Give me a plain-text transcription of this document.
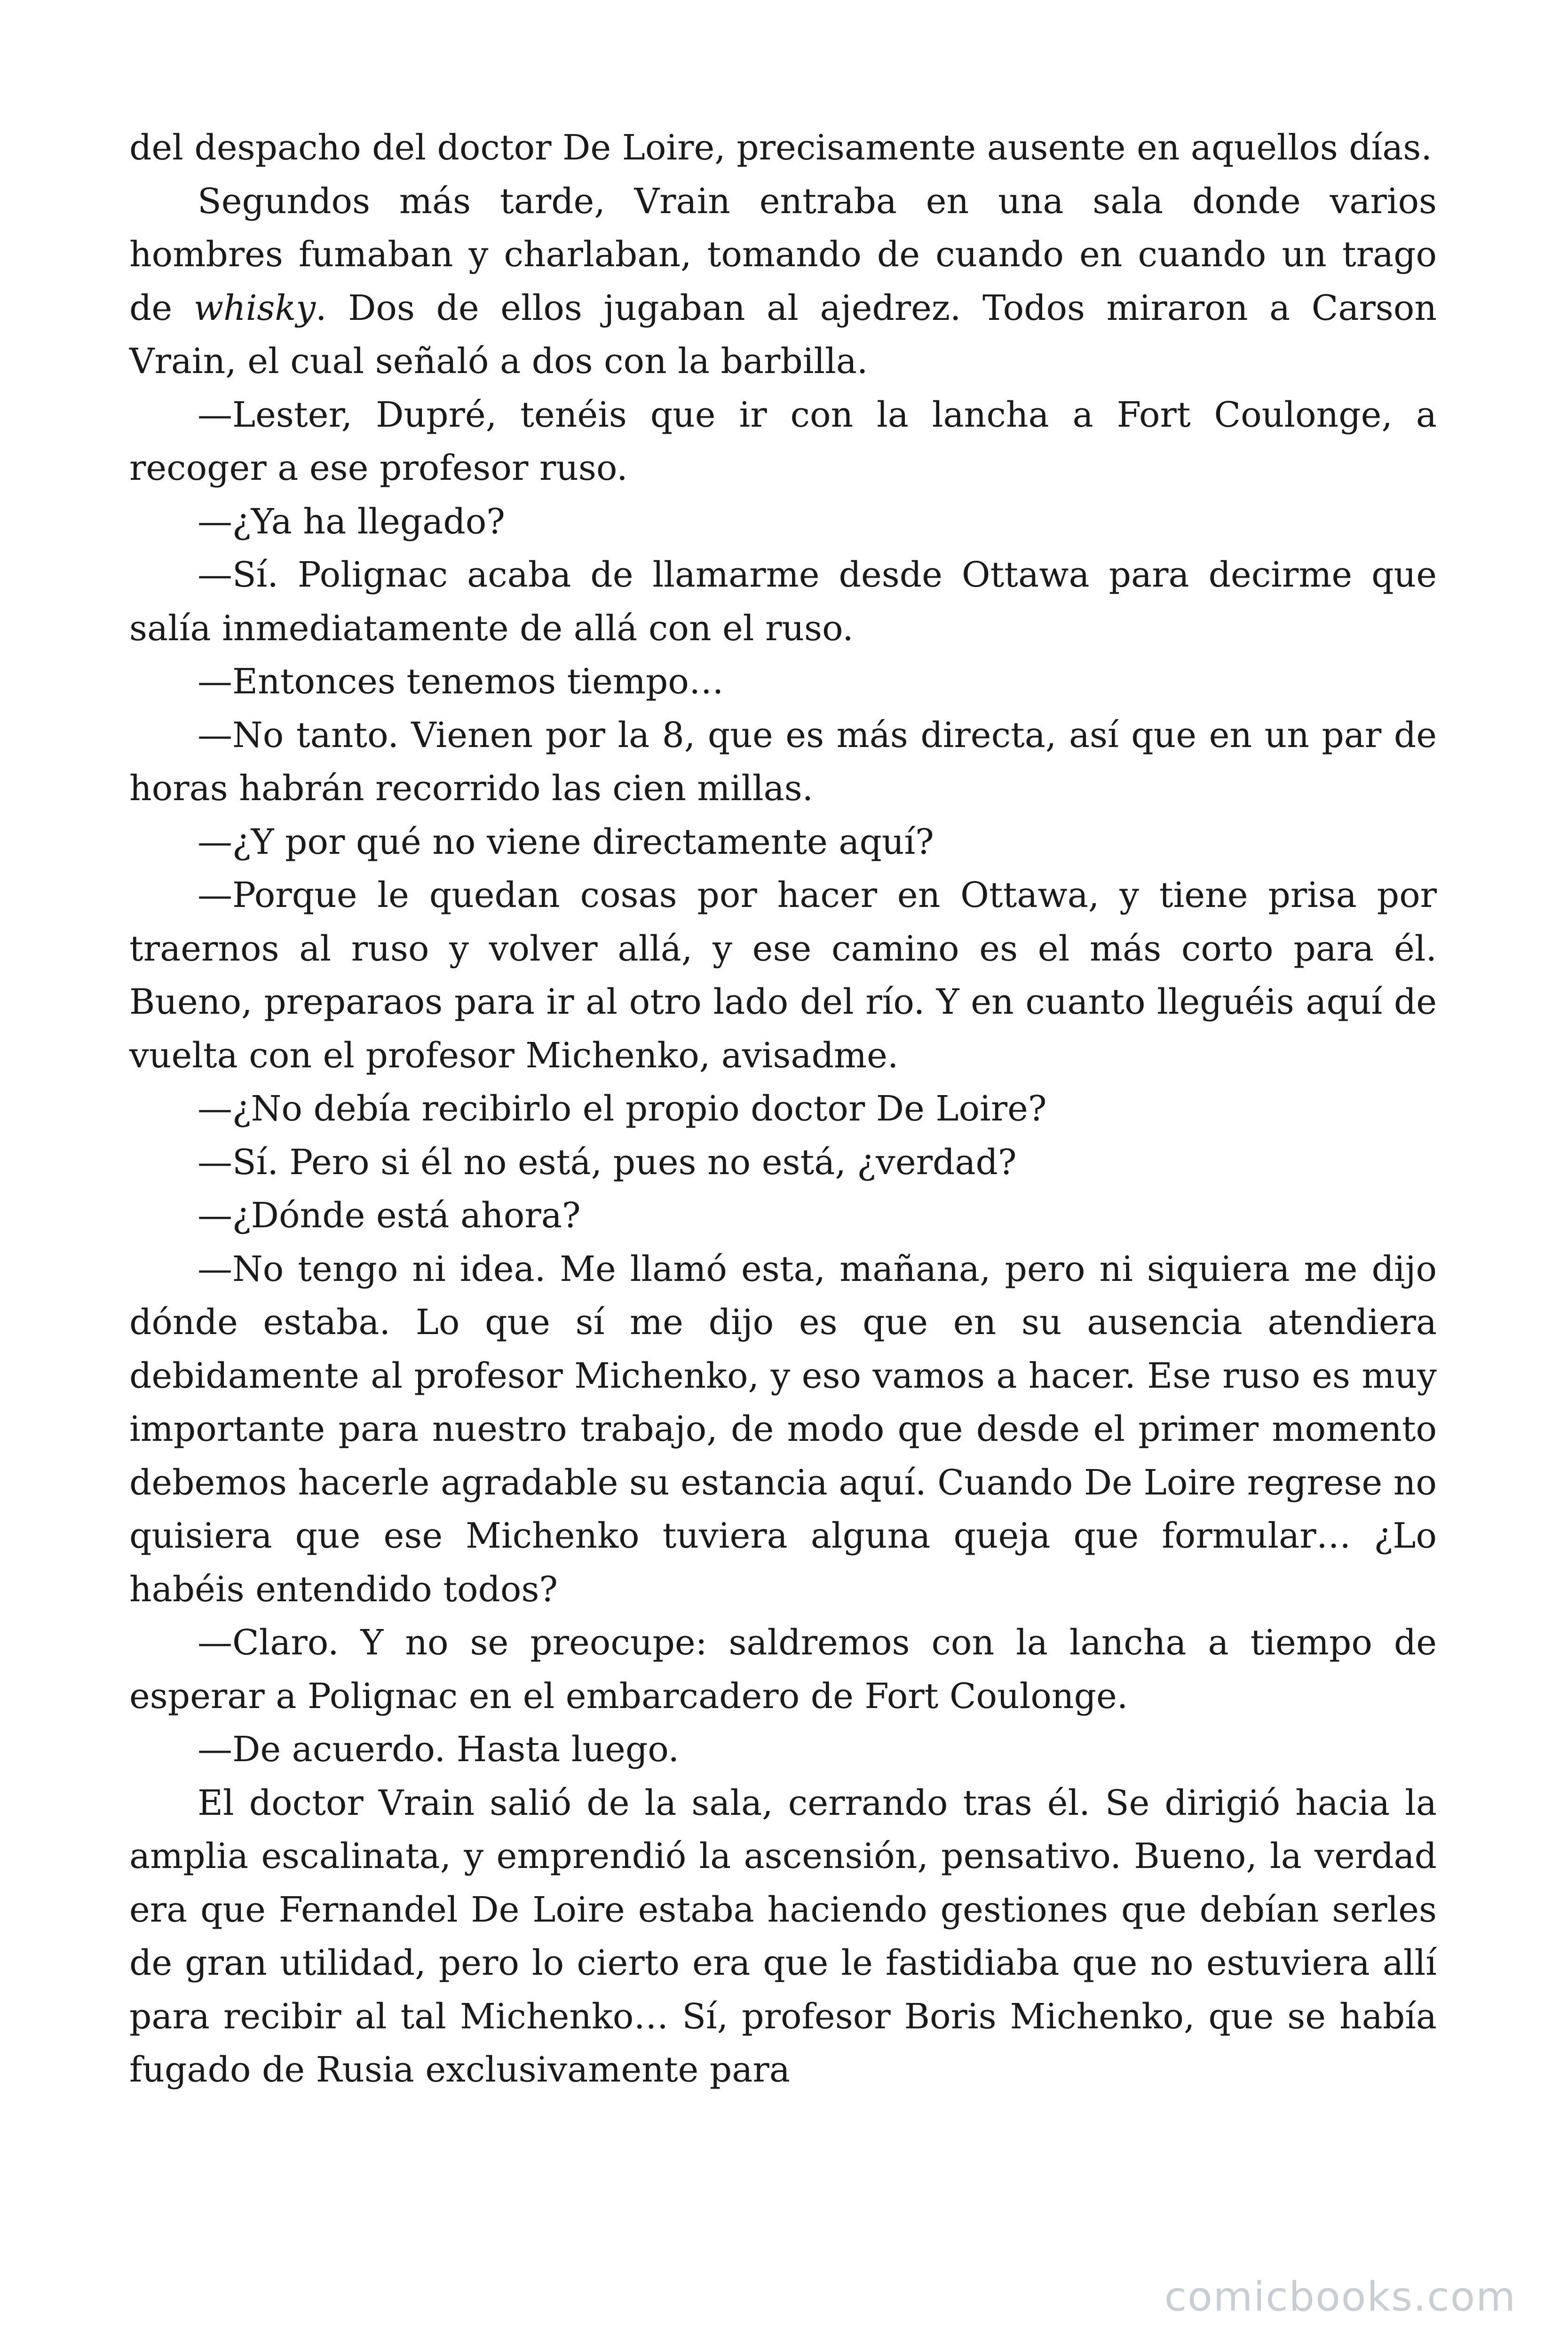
del despacho del doctor De Loire, precisamente ausente en aquellos días.

Segundos más tarde, Vrain entraba en una sala donde varios hombres fumaban y charlaban, tomando de cuando en cuando un trago de whisky. Dos de ellos jugaban al ajedrez. Todos miraron a Carson Vrain, el cual señaló a dos con la barbilla.

—Lester, Dupré, tenéis que ir con la lancha a Fort Coulonge, a recoger a ese profesor ruso.

—¿Ya ha llegado?

—Sí. Polignac acaba de llamarme desde Ottawa para decirme que salía inmediatamente de allá con el ruso.

—Entonces tenemos tiempo…

—No tanto. Vienen por la 8, que es más directa, así que en un par de horas habrán recorrido las cien millas.

—¿Y por qué no viene directamente aquí?

—Porque le quedan cosas por hacer en Ottawa, y tiene prisa por traernos al ruso y volver allá, y ese camino es el más corto para él. Bueno, preparaos para ir al otro lado del río. Y en cuanto lleguéis aquí de vuelta con el profesor Michenko, avisadme.

—¿No debía recibirlo el propio doctor De Loire?

—Sí. Pero si él no está, pues no está, ¿verdad?

—¿Dónde está ahora?

—No tengo ni idea. Me llamó esta, mañana, pero ni siquiera me dijo dónde estaba. Lo que sí me dijo es que en su ausencia atendiera debidamente al profesor Michenko, y eso vamos a hacer. Ese ruso es muy importante para nuestro trabajo, de modo que desde el primer momento debemos hacerle agradable su estancia aquí. Cuando De Loire regrese no quisiera que ese Michenko tuviera alguna queja que formular… ¿Lo habéis entendido todos?

—Claro. Y no se preocupe: saldremos con la lancha a tiempo de esperar a Polignac en el embarcadero de Fort Coulonge.

—De acuerdo. Hasta luego.

El doctor Vrain salió de la sala, cerrando tras él. Se dirigió hacia la amplia escalinata, y emprendió la ascensión, pensativo. Bueno, la verdad era que Fernandel De Loire estaba haciendo gestiones que debían serles de gran utilidad, pero lo cierto era que le fastidiaba que no estuviera allí para recibir al tal Michenko… Sí, profesor Boris Michenko, que se había fugado de Rusia exclusivamente para

comicbooks.com
